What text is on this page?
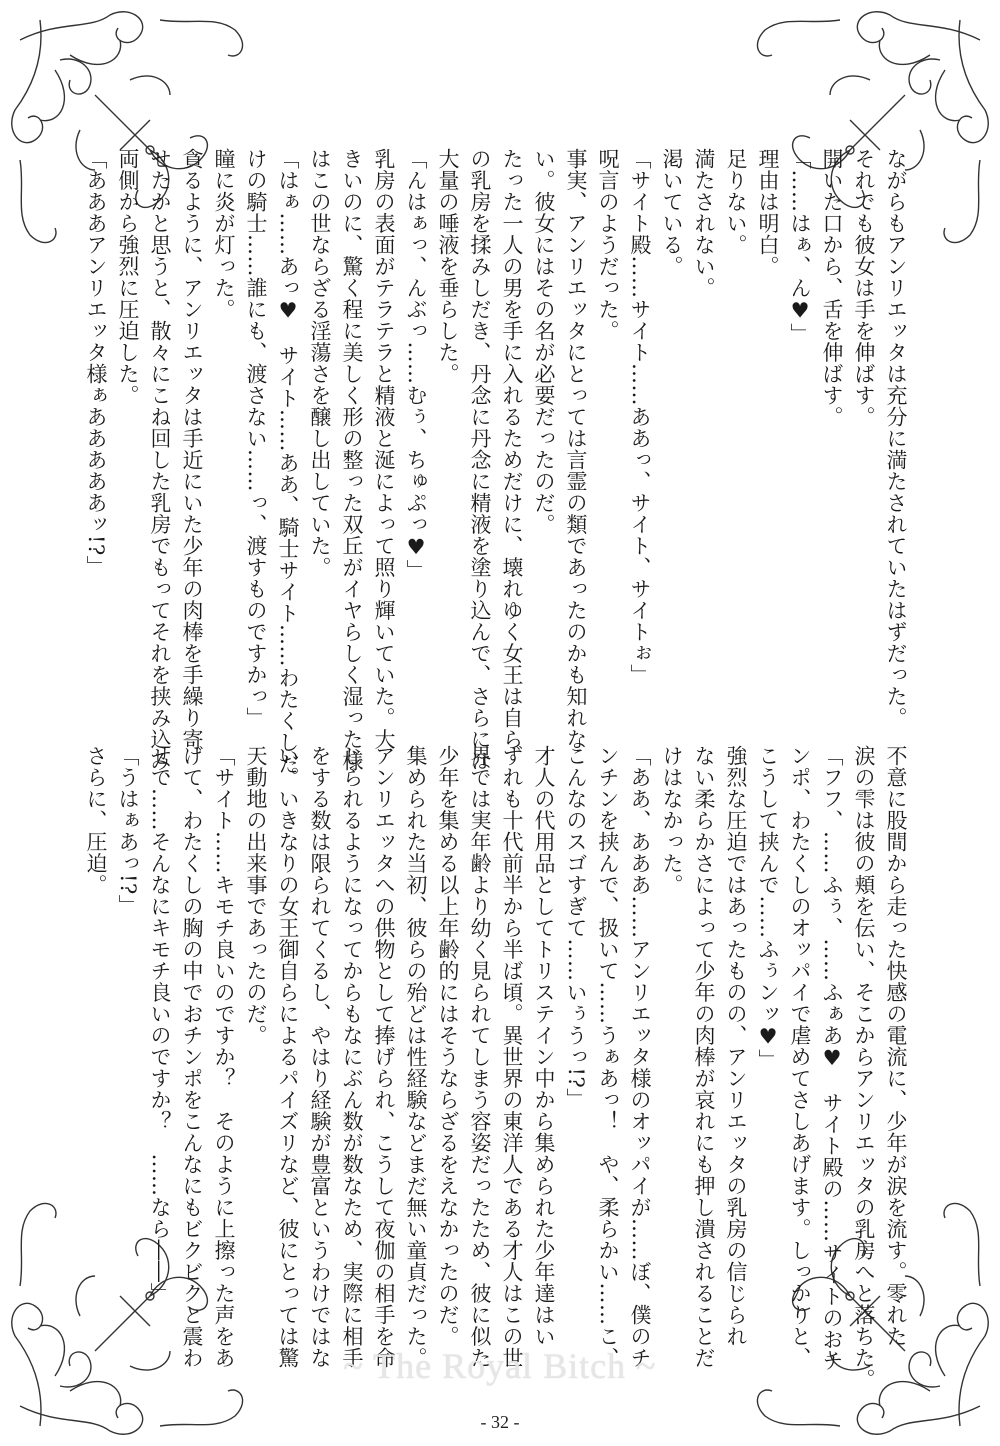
ながらもアンリエッタは充分に満たされていたはずだった。

それでも彼女は手を伸ばす。

開いた口から、舌を伸ばす。

「……はぁ、ん♥」

理由は明白。

足りない。

満たされない。

渇いている。

「サイト殿……サイト……ああっ、サイト、サイトぉ」

呪言のようだった。

事実、アンリエッタにとっては言霊の類であったのかも知れな

い。彼女にはその名が必要だったのだ。

たった一人の男を手に入れるためだけに、壊れゆく女王は自ら

の乳房を揉みしだき、丹念に丹念に精液を塗り込んで、さらには

大量の唾液を垂らした。

「んはぁっ、んぶっ……むぅ、ちゅぷっ♥」

乳房の表面がテラテラと精液と涎によって照り輝いていた。大

きいのに、驚く程に美しく形の整った双丘がイヤらしく湿った様

はこの世ならざる淫蕩さを醸し出していた。

「はぁ……あっ♥　サイト……ああ、騎士サイト……わたくしだ

けの騎士……誰にも、渡さない……っ、渡すものですかっ」

瞳に炎が灯った。

貪るように、アンリエッタは手近にいた少年の肉棒を手繰り寄

せたかと思うと、散々にこね回した乳房でもってそれを挟み込み、

両側から強烈に圧迫した。

「あああアンリエッタ様ぁあああああッ!?」

不意に股間から走った快感の電流に、少年が涙を流す。零れた

涙の雫は彼の頬を伝い、そこからアンリエッタの乳房へと落ちた。

「フフ、……ふぅ、……ふぁあ♥　サイト殿の……サイトのおチ

ンポ、わたくしのオッパイで虐めてさしあげます。しっかりと、

こうして挟んで……ふぅンッ♥」

強烈な圧迫ではあったものの、アンリエッタの乳房の信じられ

ない柔らかさによって少年の肉棒が哀れにも押し潰されることだ

けはなかった。

「ああ、あああ……アンリエッタ様のオッパイが……ぼ、僕のチ

ンチンを挟んで、扱いて……うぁあっ！　や、柔らかい……こ、

こんなのスゴすぎて……いぅうっ!?」

才人の代用品としてトリステイン中から集められた少年達はい

ずれも十代前半から半ば頃。異世界の東洋人である才人はこの世

界では実年齢より幼く見られてしまう容姿だったため、彼に似た

少年を集める以上年齢的にはそうならざるをえなかったのだ。

集められた当初、彼らの殆どは性経験などまだ無い童貞だった。

アンリエッタへの供物として捧げられ、こうして夜伽の相手を命

じられるようになってからもなにぶん数が数なため、実際に相手

をする数は限られてくるし、やはり経験が豊富というわけではな

い。いきなりの女王御自らによるパイズリなど、彼にとっては驚

天動地の出来事であったのだ。

「サイト……キモチ良いのですか？　そのように上擦った声をあ

げて、わたくしの胸の中でおチンポをこんなにもビクビクと震わ

せて……そんなにキモチ良いのですか？　……なら――」

「うはぁあっ!?」

さらに、圧迫。

~ The Royal Bitch ~
- 32 -
